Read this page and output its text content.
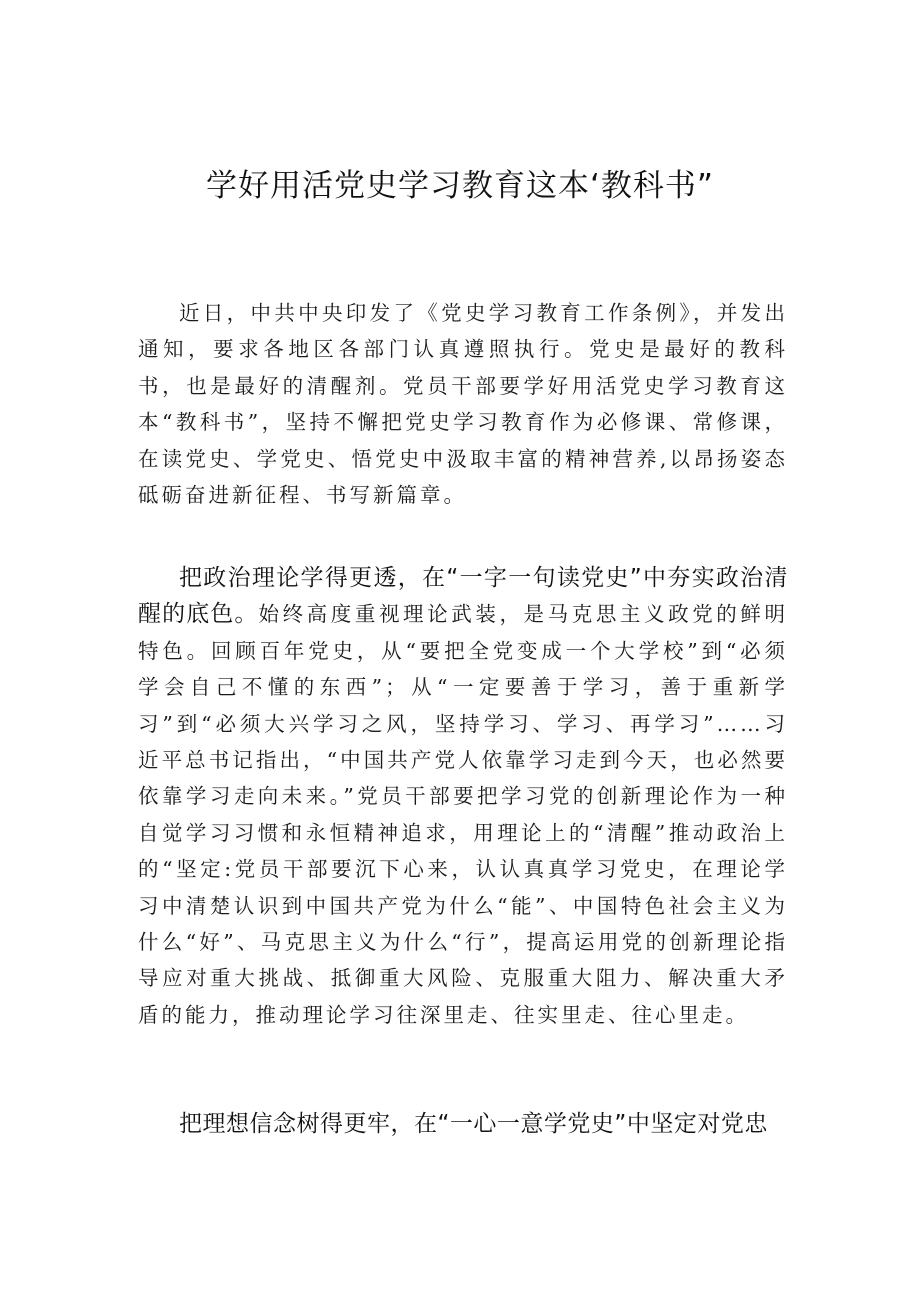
学好用活党史学习教育这本‘教科书”

近日，中共中央印发了《党史学习教育工作条例》，并发出通知，要求各地区各部门认真遵照执行。党史是最好的教科书，也是最好的清醒剂。党员干部要学好用活党史学习教育这本“教科书”，坚持不懈把党史学习教育作为必修课、常修课，在读党史、学党史、悟党史中汲取丰富的精神营养,以昂扬姿态砥砺奋进新征程、书写新篇章。

把政治理论学得更透，在“一字一句读党史”中夯实政治清醒的底色。始终高度重视理论武装，是马克思主义政党的鲜明特色。回顾百年党史，从“要把全党变成一个大学校”到“必须学会自己不懂的东西”；从“一定要善于学习，善于重新学习”到“必须大兴学习之风，坚持学习、学习、再学习”……习近平总书记指出，“中国共产党人依靠学习走到今天，也必然要依靠学习走向未来。”党员干部要把学习党的创新理论作为一种自觉学习习惯和永恒精神追求，用理论上的“清醒”推动政治上的“坚定:党员干部要沉下心来，认认真真学习党史，在理论学习中清楚认识到中国共产党为什么“能”、中国特色社会主义为什么“好”、马克思主义为什么“行”，提高运用党的创新理论指导应对重大挑战、抵御重大风险、克服重大阻力、解决重大矛盾的能力，推动理论学习往深里走、往实里走、往心里走。

把理想信念树得更牢，在“一心一意学党史”中坚定对党忠
